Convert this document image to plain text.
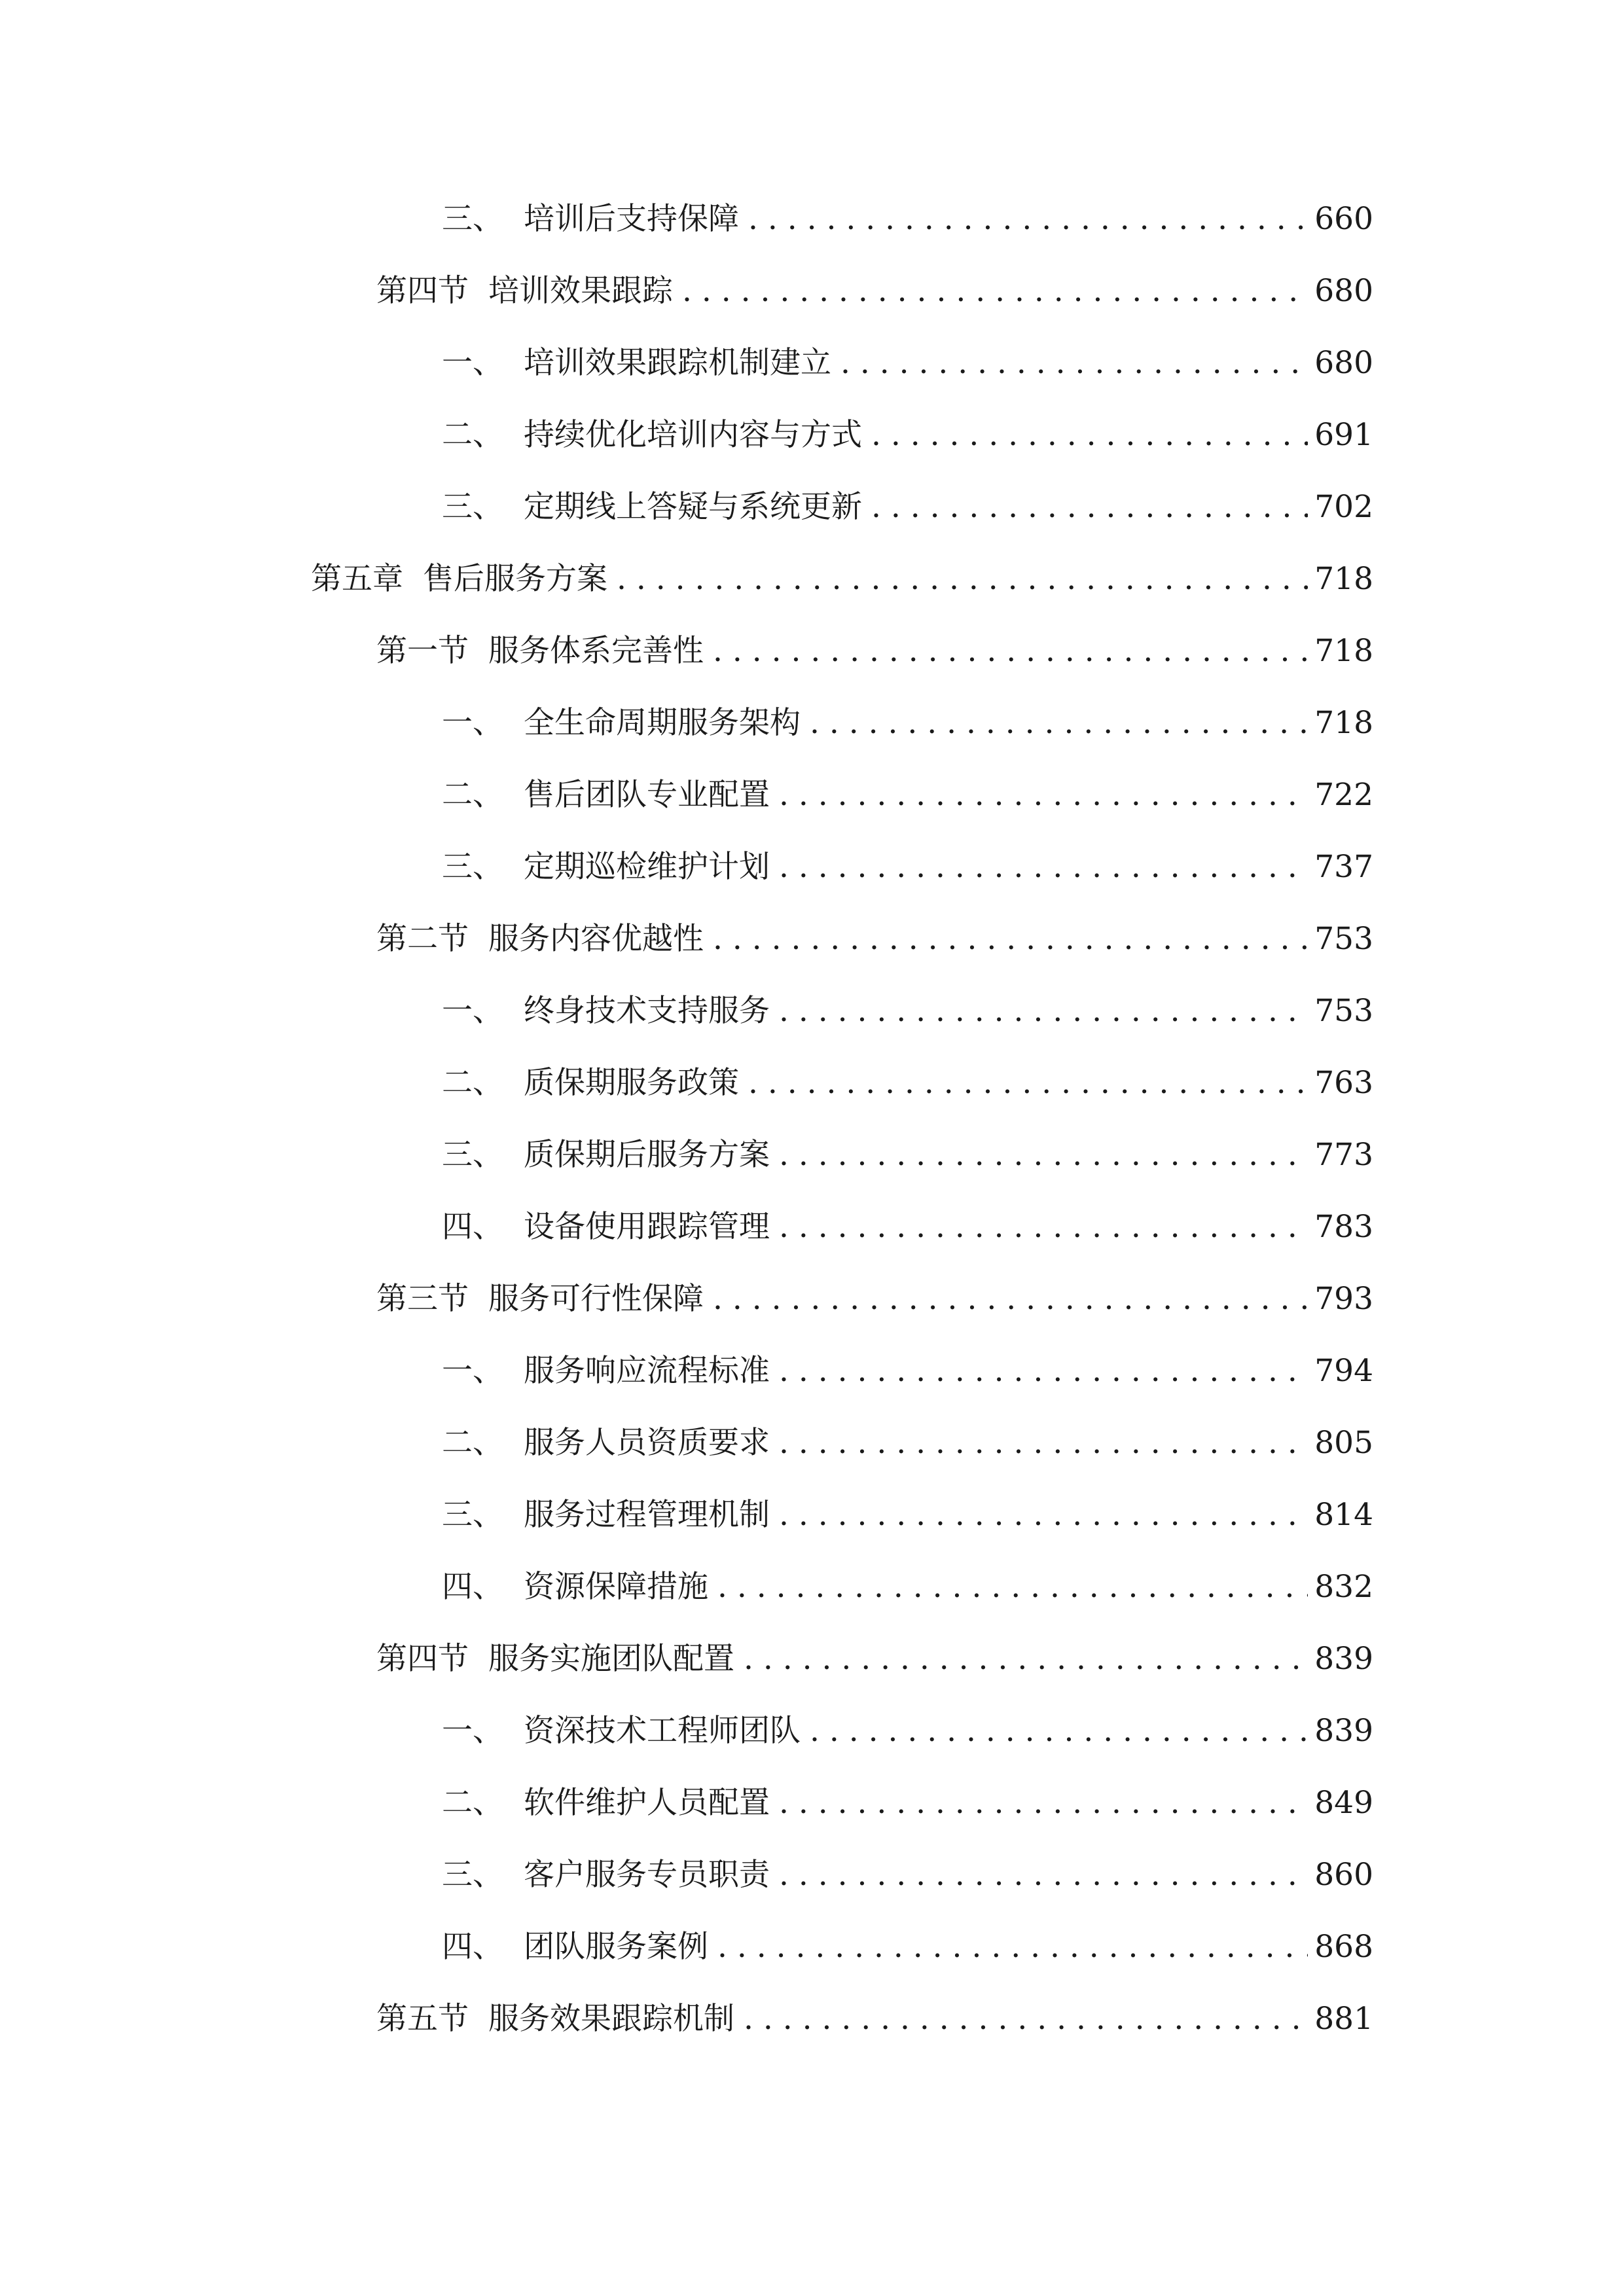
三、 培训后支持保障 . . .	660
第四节 培训效果跟踪 . . .	680
一、 培训效果跟踪机制建立 . . .	680
二、 持续优化培训内容与方式 . . .	691
三、 定期线上答疑与系统更新 . . .	702
第五章 售后服务方案 . . .	718
第一节 服务体系完善性 . . .	718
一、 全生命周期服务架构 . . .	718
二、 售后团队专业配置 . . .	722
三、 定期巡检维护计划 . . .	737
第二节 服务内容优越性 . . .	753
一、 终身技术支持服务 . . .	753
二、 质保期服务政策 . . .	763
三、 质保期后服务方案 . . .	773
四、 设备使用跟踪管理 . . .	783
第三节 服务可行性保障 . . .	793
一、 服务响应流程标准 . . .	794
二、 服务人员资质要求 . . .	805
三、 服务过程管理机制 . . .	814
四、 资源保障措施 . . .	832
第四节 服务实施团队配置 . . .	839
一、 资深技术工程师团队 . . .	839
二、 软件维护人员配置 . . .	849
三、 客户服务专员职责 . . .	860
四、 团队服务案例 . . .	868
第五节 服务效果跟踪机制 . . .	881
